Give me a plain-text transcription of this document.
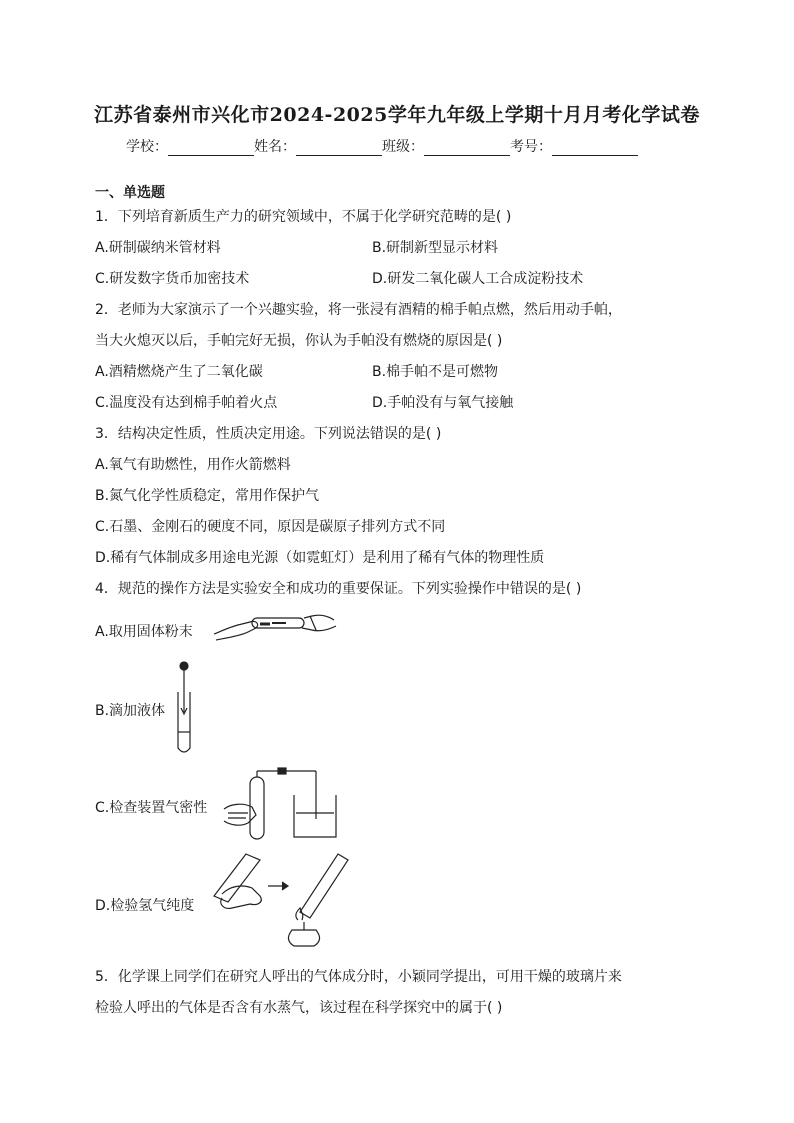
江苏省泰州市兴化市2024-2025学年九年级上学期十月月考化学试卷
学校：	姓名：	班级：	考号：
一、单选题
1．下列培育新质生产力的研究领域中，不属于化学研究范畴的是( )
A.研制碳纳米管材料	B.研制新型显示材料
C.研发数字货币加密技术	D.研发二氧化碳人工合成淀粉技术
2．老师为大家演示了一个兴趣实验，将一张浸有酒精的棉手帕点燃，然后用动手帕，
当大火熄灭以后，手帕完好无损，你认为手帕没有燃烧的原因是( )
A.酒精燃烧产生了二氧化碳	B.棉手帕不是可燃物
C.温度没有达到棉手帕着火点	D.手帕没有与氧气接触
3．结构决定性质，性质决定用途。下列说法错误的是( )
A.氧气有助燃性，用作火箭燃料
B.氮气化学性质稳定，常用作保护气
C.石墨、金刚石的硬度不同，原因是碳原子排列方式不同
D.稀有气体制成多用途电光源（如霓虹灯）是利用了稀有气体的物理性质
4．规范的操作方法是实验安全和成功的重要保证。下列实验操作中错误的是( )
A.取用固体粉末
B.滴加液体
C.检查装置气密性
D.检验氢气纯度
5．化学课上同学们在研究人呼出的气体成分时，小颖同学提出，可用干燥的玻璃片来
检验人呼出的气体是否含有水蒸气，该过程在科学探究中的属于( )
